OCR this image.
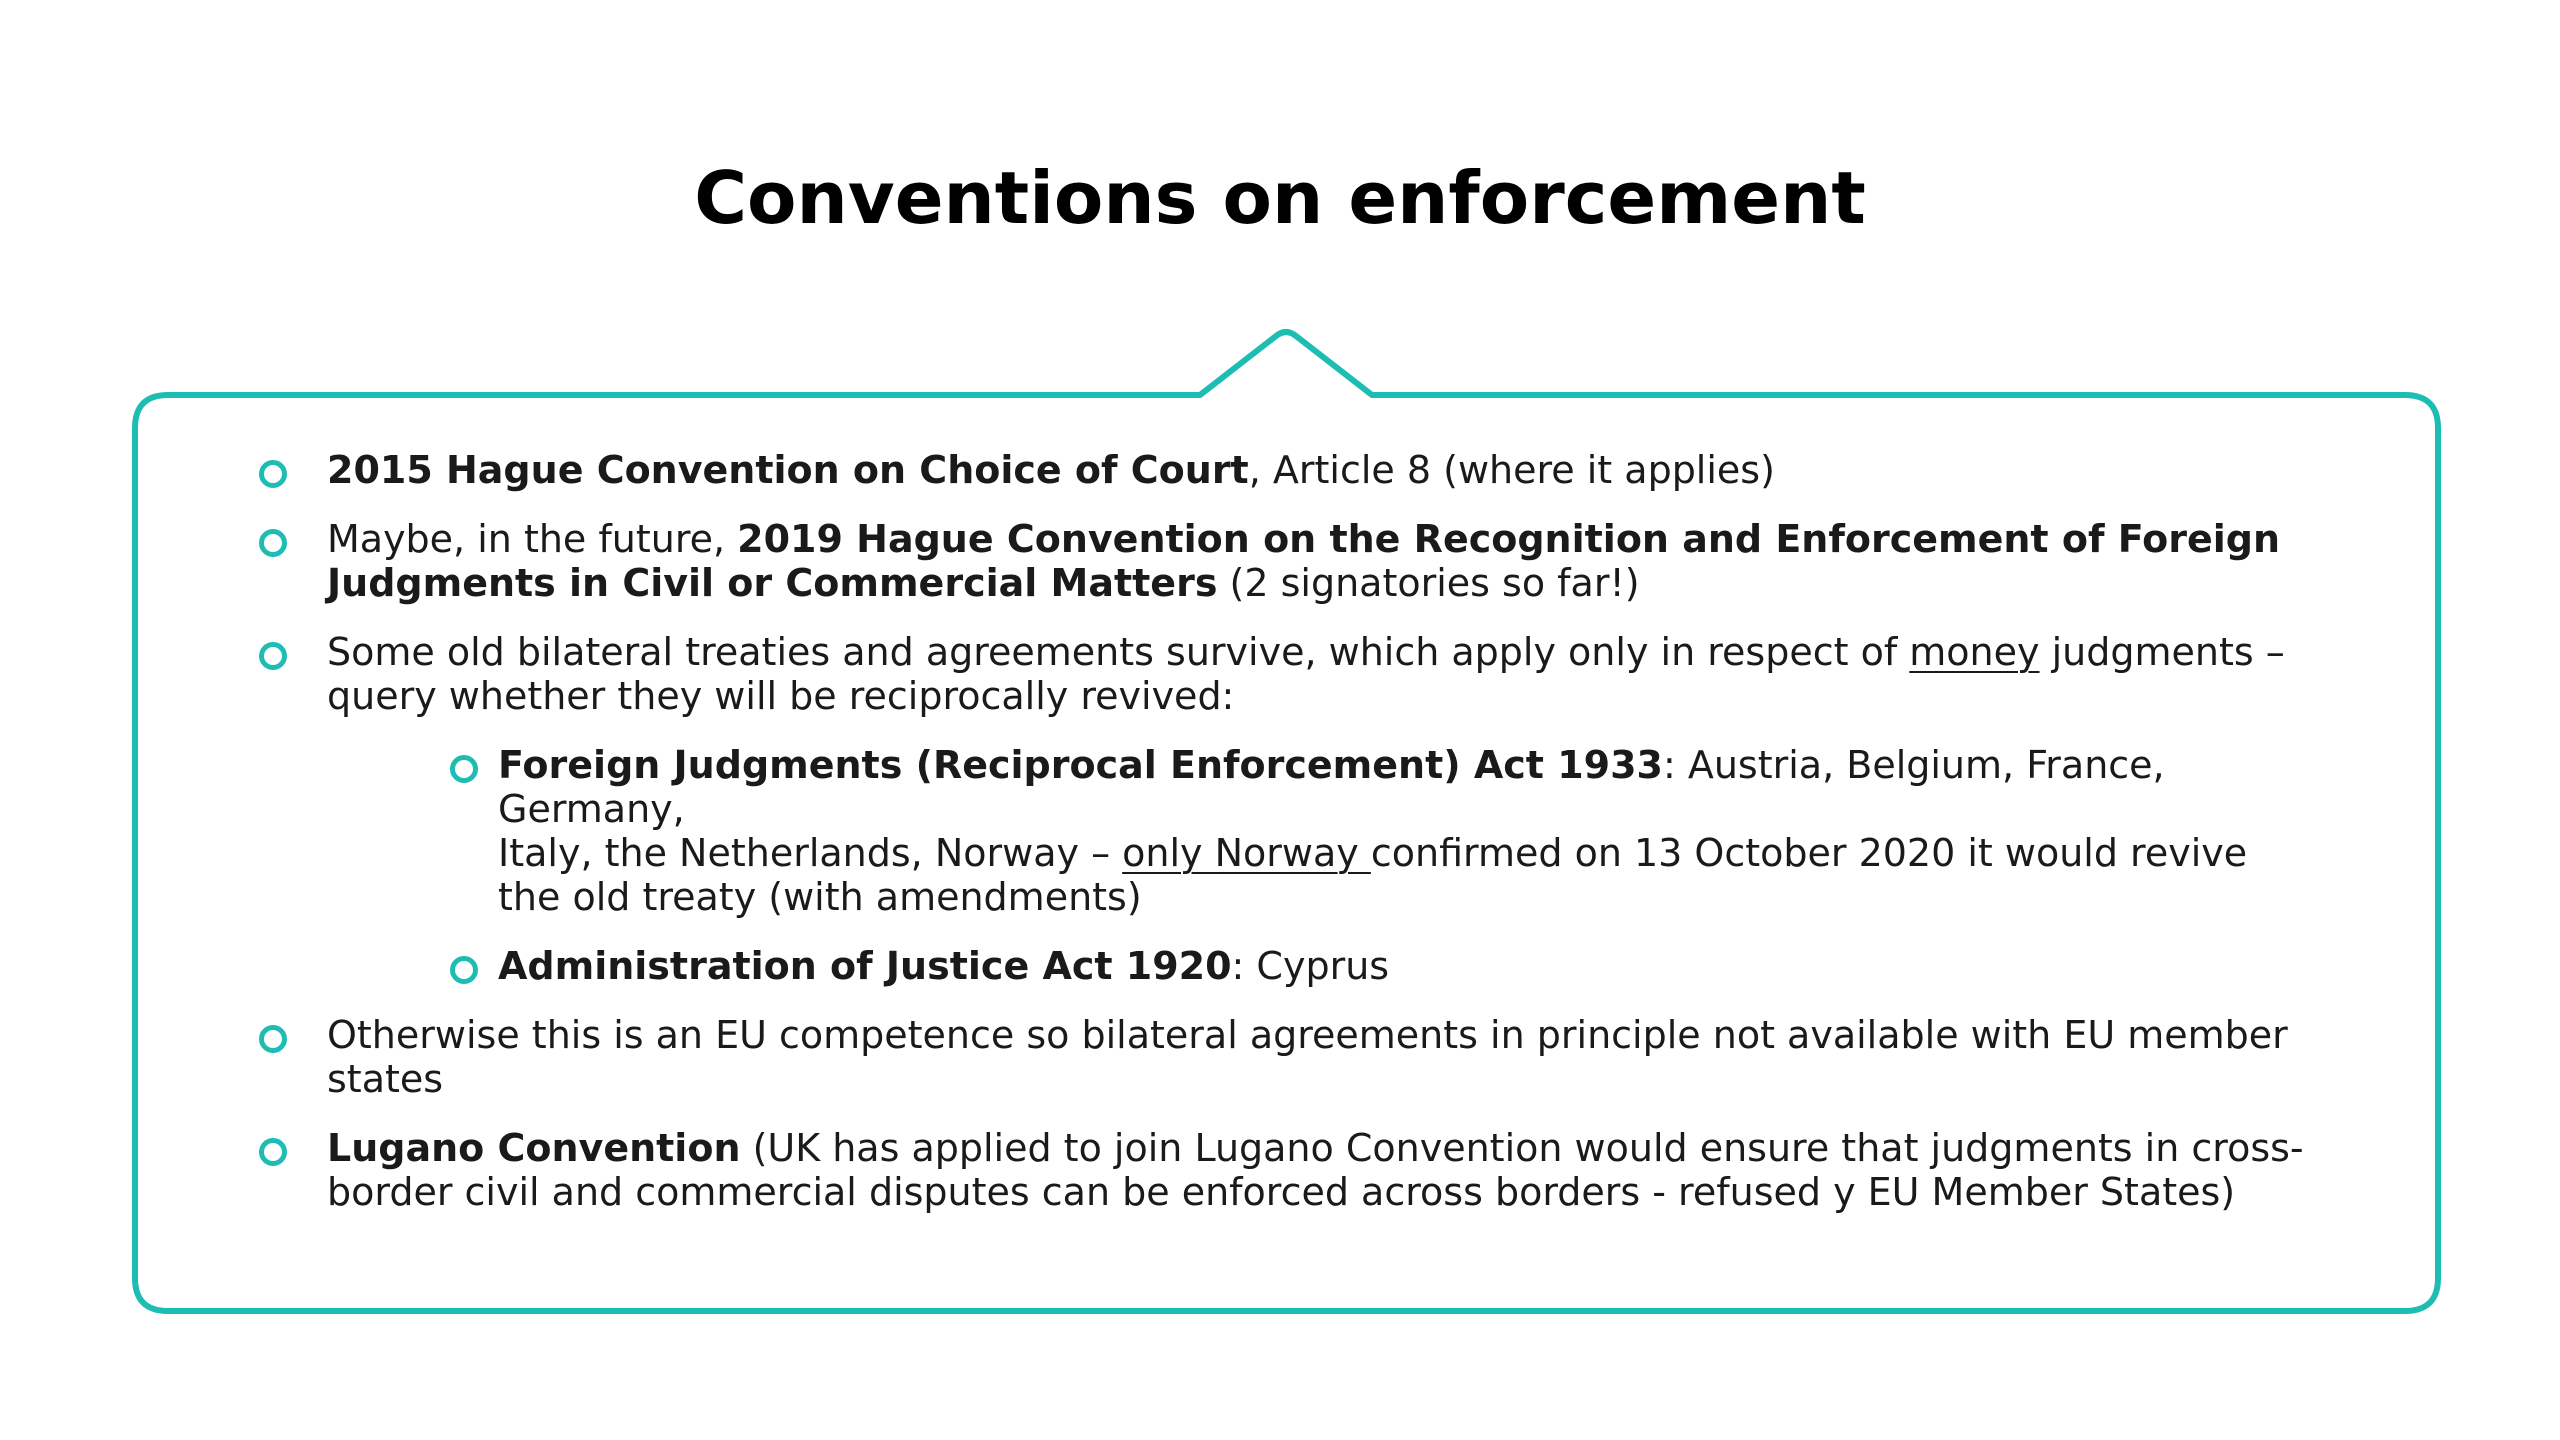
Conventions on enforcement
2015 Hague Convention on Choice of Court, Article 8 (where it applies)
Maybe, in the future, 2019 Hague Convention on the Recognition and Enforcement of Foreign
Judgments in Civil or Commercial Matters (2 signatories so far!)
Some old bilateral treaties and agreements survive, which apply only in respect of money judgments –
query whether they will be reciprocally revived:
Foreign Judgments (Reciprocal Enforcement) Act 1933: Austria, Belgium, France, Germany,
Italy, the Netherlands, Norway – only Norway confirmed on 13 October 2020 it would revive
the old treaty (with amendments)
Administration of Justice Act 1920: Cyprus
Otherwise this is an EU competence so bilateral agreements in principle not available with EU member
states
Lugano Convention (UK has applied to join Lugano Convention would ensure that judgments in cross-
border civil and commercial disputes can be enforced across borders - refused y EU Member States)
